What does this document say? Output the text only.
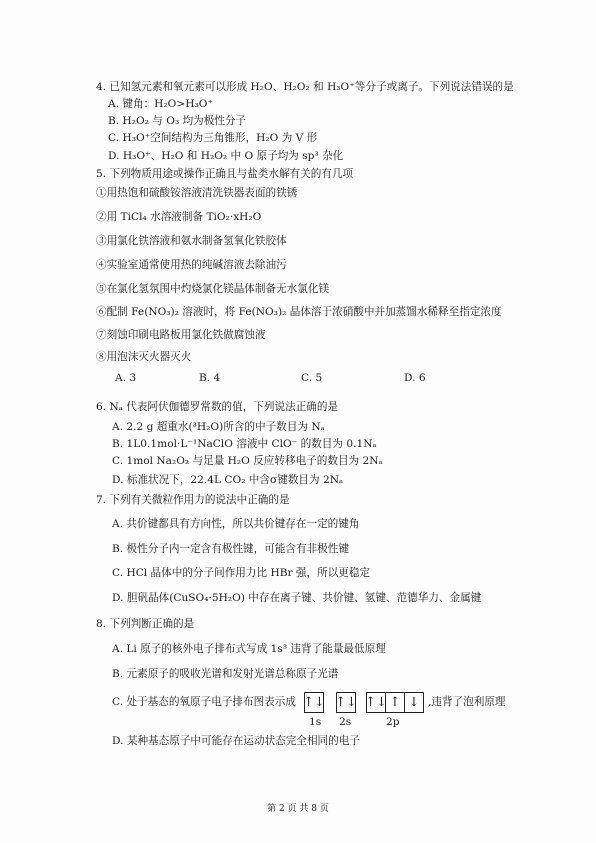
4. 已知氢元素和氧元素可以形成 H₂O、H₂O₂ 和 H₃O⁺等分子或离子。下列说法错误的是
A. 键角：H₂O>H₃O⁺
B. H₂O₂ 与 O₃ 均为极性分子
C. H₃O⁺空间结构为三角锥形，H₂O 为 V 形
D. H₃O⁺、H₂O 和 H₂O₂ 中 O 原子均为 sp³ 杂化
5. 下列物质用途或操作正确且与盐类水解有关的有几项
①用热饱和硫酸铵溶液清洗铁器表面的铁锈
②用 TiCl₄ 水溶液制备 TiO₂·xH₂O
③用氯化铁溶液和氨水制备氢氧化铁胶体
④实验室通常使用热的纯碱溶液去除油污
⑤在氯化氢氛围中灼烧氯化镁晶体制备无水氯化镁
⑥配制 Fe(NO₃)₂ 溶液时，将 Fe(NO₃)₂ 晶体溶于浓硝酸中并加蒸馏水稀释至指定浓度
⑦刻蚀印刷电路板用氯化铁做腐蚀液
⑧用泡沫灭火器灭火
A. 3	B. 4	C. 5	D. 6
6. Nₐ 代表阿伏伽德罗常数的值，下列说法正确的是
A. 2.2 g 超重水(³H₂O)所含的中子数目为 Nₐ
B. 1L0.1mol·L⁻¹NaClO 溶液中 ClO⁻ 的数目为 0.1Nₐ
C. 1mol Na₂O₂ 与足量 H₂O 反应转移电子的数目为 2Nₐ
D. 标准状况下，22.4L CO₂ 中含σ键数目为 2Nₐ
7. 下列有关微粒作用力的说法中正确的是
A. 共价键都具有方向性，所以共价键存在一定的键角
B. 极性分子内一定含有极性键，可能含有非极性键
C. HCl 晶体中的分子间作用力比 HBr 强，所以更稳定
D. 胆矾晶体(CuSO₄·5H₂O) 中存在离子键、共价键、氢键、范德华力、金属键
8. 下列判断正确的是
A. Li 原子的核外电子排布式写成 1s³ 违背了能量最低原理
B. 元素原子的吸收光谱和发射光谱总称原子光谱
C. 处于基态的氧原子电子排布图表示成 ↑↓ ↑↓ ↑↓ ↑ ↓
1s 2s	2p
,违背了泡利原理
D. 某种基态原子中可能存在运动状态完全相同的电子
第 2 页 共 8 页
